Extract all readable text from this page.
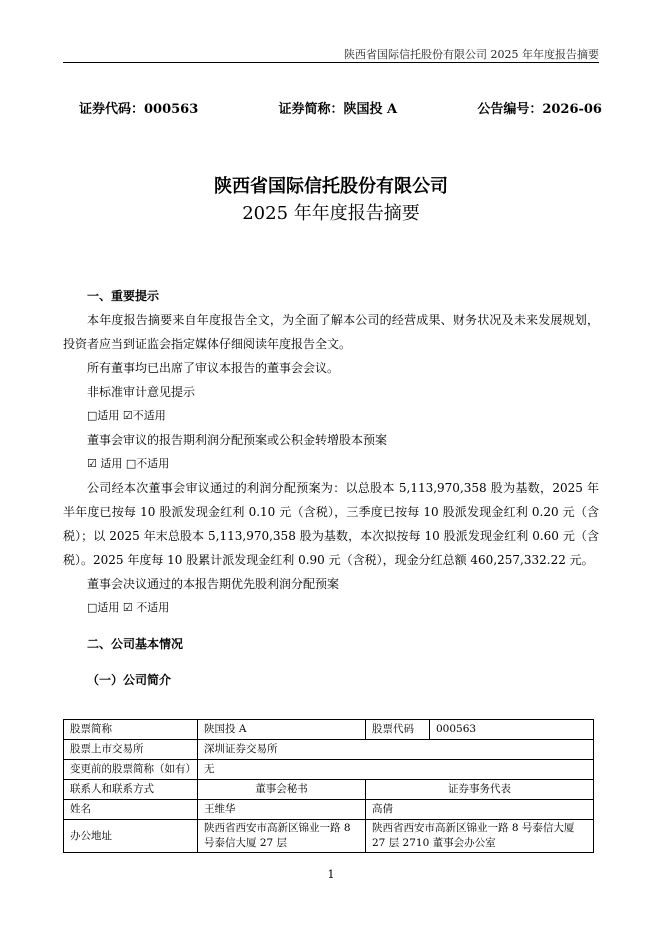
陕西省国际信托股份有限公司 2025 年年度报告摘要
证券代码：000563	证券简称：陕国投 A	公告编号：2026-06
陕西省国际信托股份有限公司
2025 年年度报告摘要

一、重要提示

本年度报告摘要来自年度报告全文，为全面了解本公司的经营成果、财务状况及未来发展规划，投资者应当到证监会指定媒体仔细阅读年度报告全文。

所有董事均已出席了审议本报告的董事会会议。

非标准审计意见提示

□适用 ☑不适用

董事会审议的报告期利润分配预案或公积金转增股本预案

☑ 适用 □不适用

公司经本次董事会审议通过的利润分配预案为：以总股本 5,113,970,358 股为基数，2025 年半年度已按每 10 股派发现金红利 0.10 元（含税），三季度已按每 10 股派发现金红利 0.20 元（含税）；以 2025 年末总股本 5,113,970,358 股为基数，本次拟按每 10 股派发现金红利 0.60 元（含税）。2025 年度每 10 股累计派发现金红利 0.90 元（含税），现金分红总额 460,257,332.22 元。

董事会决议通过的本报告期优先股利润分配预案

□适用 ☑ 不适用

二、公司基本情况

（一）公司简介

股票简称	陕国投 A	股票代码	000563
股票上市交易所	深圳证券交易所		
变更前的股票简称（如有）	无		
联系人和联系方式	董事会秘书	证券事务代表	
姓名	王维华	高倩	
办公地址	陕西省西安市高新区锦业一路 8 号泰信大厦 27 层	陕西省西安市高新区锦业一路 8 号泰信大厦 27 层 2710 董事会办公室	
1
